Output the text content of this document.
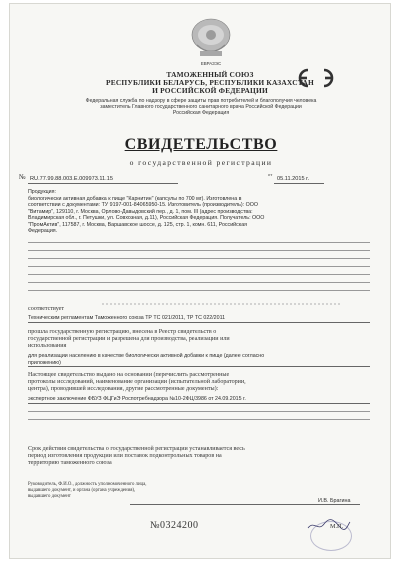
ЕВРАЗЭС
ТАМОЖЕННЫЙ СОЮЗ
РЕСПУБЛИКИ БЕЛАРУСЬ, РЕСПУБЛИКИ КАЗАХСТАН
И РОССИЙСКОЙ ФЕДЕРАЦИИ
Федеральная служба по надзору в сфере защиты прав потребителей и благополучия человека
заместитель Главного государственного санитарного врача Российской Федерации
Российская Федерация
СВИДЕТЕЛЬСТВО
о государственной регистрации
№ RU.77.99.88.003.Е.009973.11.15
от
05.11.2015 г.
Продукция:
биологически активная добавка к пище "Карнитин" (капсулы по 700 мг). Изготовлена в
соответствии с документами: ТУ 9197-001-84065950-15. Изготовитель (производитель): ООО
"Витамир", 129110, г. Москва, Орлово-Давыдовский пер., д. 1, пом. III (адрес производства:
Владимирская обл., г. Петушки, ул. Совхозная, д.11), Российская Федерация. Получатель: ООО
"ПромАктив", 117587, г. Москва, Варшавское шоссе, д. 125, стр. 1, комн. 611, Российская
Федерация.
соответствует
Техническим регламентам Таможенного союза ТР ТС 021/2011, ТР ТС 022/2011
прошла государственную регистрацию, внесена в Реестр свидетельств о
государственной регистрации и разрешена для производства, реализации или
использования
для реализации населению в качестве биологически активной добавки к пище (далее согласно
приложению)
Настоящее свидетельство выдано на основании (перечислить рассмотренные
протоколы исследований, наименование организации (испытательной лаборатории,
центра), проводившей исследования, другие рассмотренные документы):
экспертное заключение ФБУЗ ФЦГиЭ Роспотребнадзора №10-2ФЦ/3986 от 24.09.2015 г.
Срок действия свидетельства о государственной регистрации устанавливается весь
период изготовления продукции или поставок подконтрольных товаров на
территорию таможенного союза
Руководитель, Ф.И.О., должность уполномоченного лица,
выдавшего документ, и органа (органа учреждения),
выдавшего документ
И.В. Брагина
№0324200	М.П.
